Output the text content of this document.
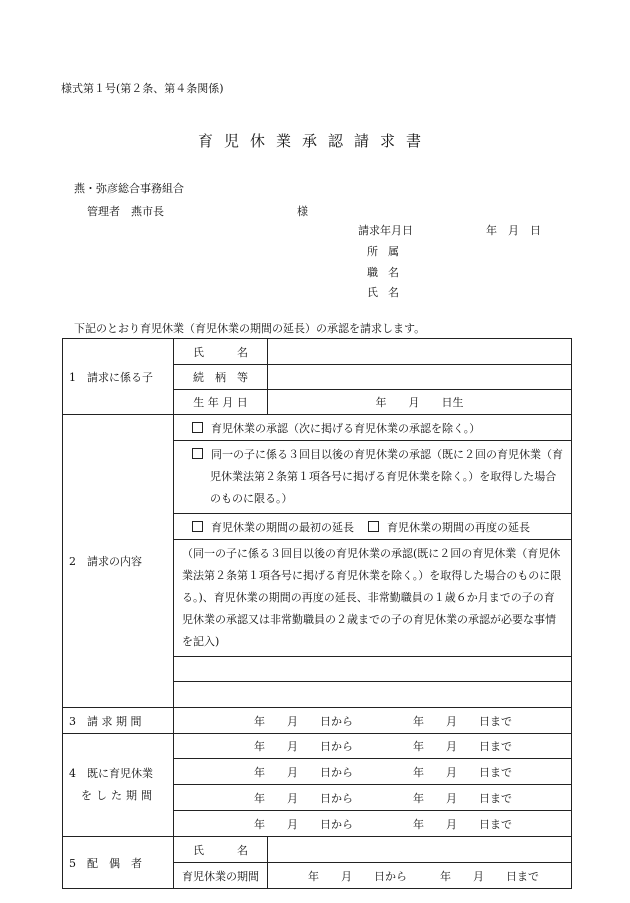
様式第１号(第２条、第４条関係)
育児休業承認請求書
燕・弥彦総合事務組合
管理者　燕市長	様
請求年月日	年　月　日
所属
職名
氏名
下記のとおり育児休業（育児休業の期間の延長）の承認を請求します。
1　請求に係る子	氏　　　名	
	続　柄　等	
	生 年 月 日	年　　月　　日生
2　請求の内容	育児休業の承認（次に掲げる育児休業の承認を除く。）	

	同一の子に係る３回目以後の育児休業の承認（既に２回の育児休業（育児休業法第２条第１項各号に掲げる育児休業を除く。）を取得した場合のものに限る。）	

	育児休業の期間の最初の延長 育児休業の期間の再度の延長	
	（同一の子に係る３回目以後の育児休業の承認(既に２回の育児休業（育児休業法第２条第１項各号に掲げる育児休業を除く。）を取得した場合のものに限る。)、育児休業の期間の再度の延長、非常勤職員の１歳６か月までの子の育児休業の承認又は非常勤職員の２歳までの子の育児休業の承認が必要な事情を記入)	

3　請 求 期 間	年　　月　　日から 年　　月　　日まで	
4　既に育児休業
をした期間	年　　月　　日から 年　　月　　日まで	
	年　　月　　日から 年　　月　　日まで	
	年　　月　　日から 年　　月　　日まで	
	年　　月　　日から 年　　月　　日まで	
5　配　偶　者	氏　　　名	
	育児休業の期間	年　　月　　日から　　　年　　月　　日まで
